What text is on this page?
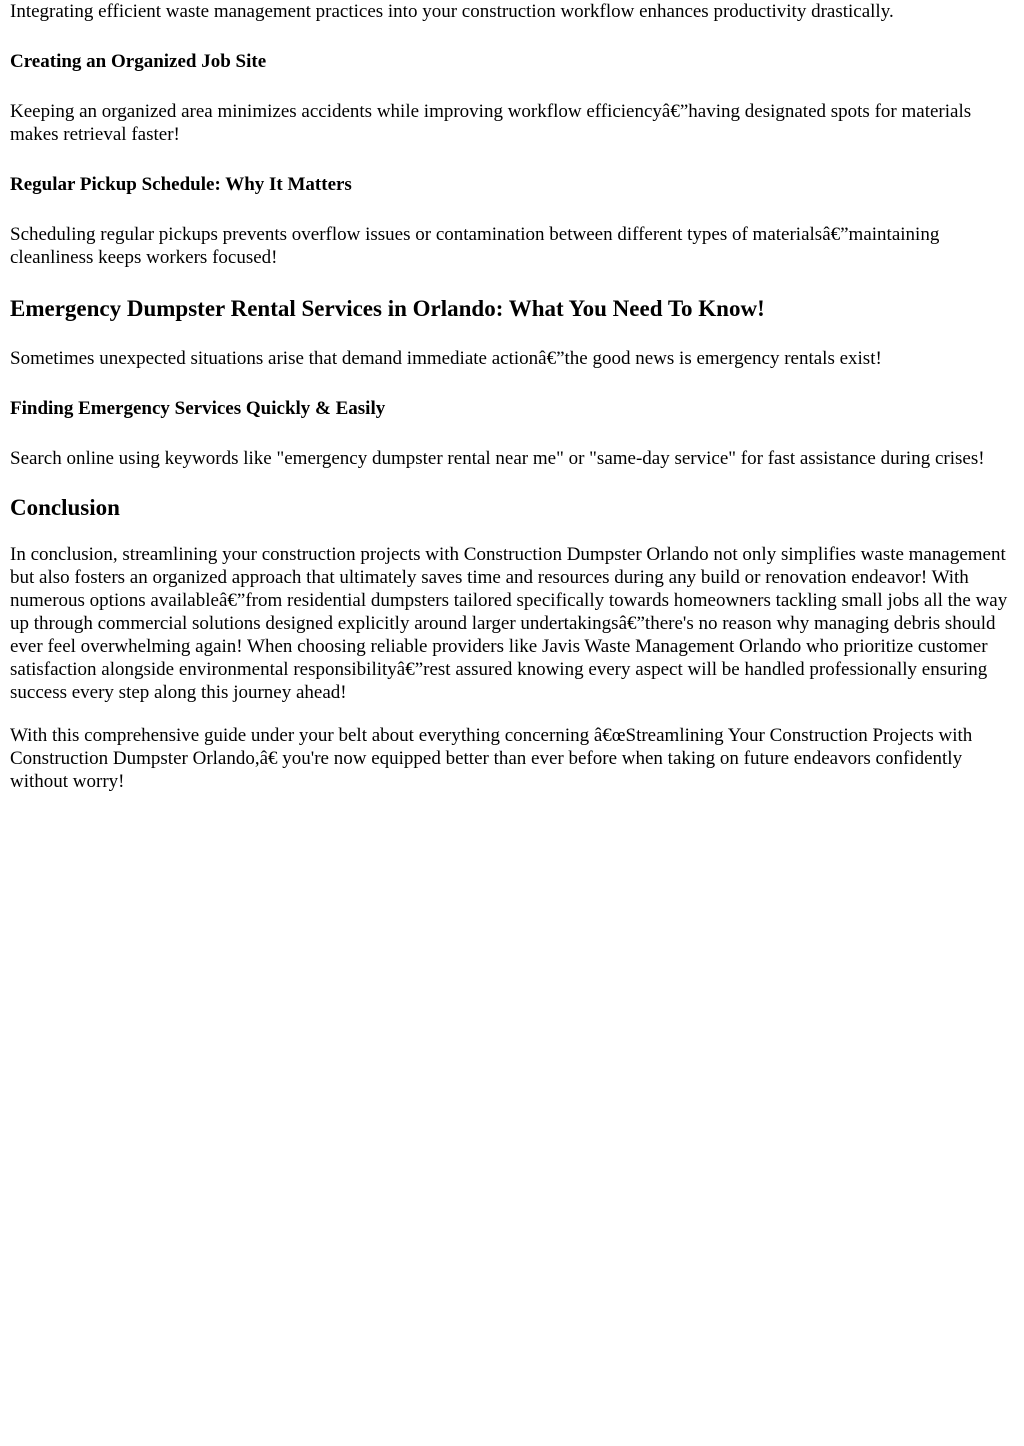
Integrating efficient waste management practices into your construction workflow enhances productivity drastically.

Creating an Organized Job Site

Keeping an organized area minimizes accidents while improving workflow efficiencyâ€”having designated spots for materials makes retrieval faster!

Regular Pickup Schedule: Why It Matters

Scheduling regular pickups prevents overflow issues or contamination between different types of materialsâ€”maintaining cleanliness keeps workers focused!

Emergency Dumpster Rental Services in Orlando: What You Need To Know!

Sometimes unexpected situations arise that demand immediate actionâ€”the good news is emergency rentals exist!

Finding Emergency Services Quickly & Easily

Search online using keywords like "emergency dumpster rental near me" or "same-day service" for fast assistance during crises!

Conclusion

In conclusion, streamlining your construction projects with Construction Dumpster Orlando not only simplifies waste management but also fosters an organized approach that ultimately saves time and resources during any build or renovation endeavor! With numerous options availableâ€”from residential dumpsters tailored specifically towards homeowners tackling small jobs all the way up through commercial solutions designed explicitly around larger undertakingsâ€”there's no reason why managing debris should ever feel overwhelming again! When choosing reliable providers like Javis Waste Management Orlando who prioritize customer satisfaction alongside environmental responsibilityâ€”rest assured knowing every aspect will be handled professionally ensuring success every step along this journey ahead!

With this comprehensive guide under your belt about everything concerning â€œStreamlining Your Construction Projects with Construction Dumpster Orlando,â€ you're now equipped better than ever before when taking on future endeavors confidently without worry!
